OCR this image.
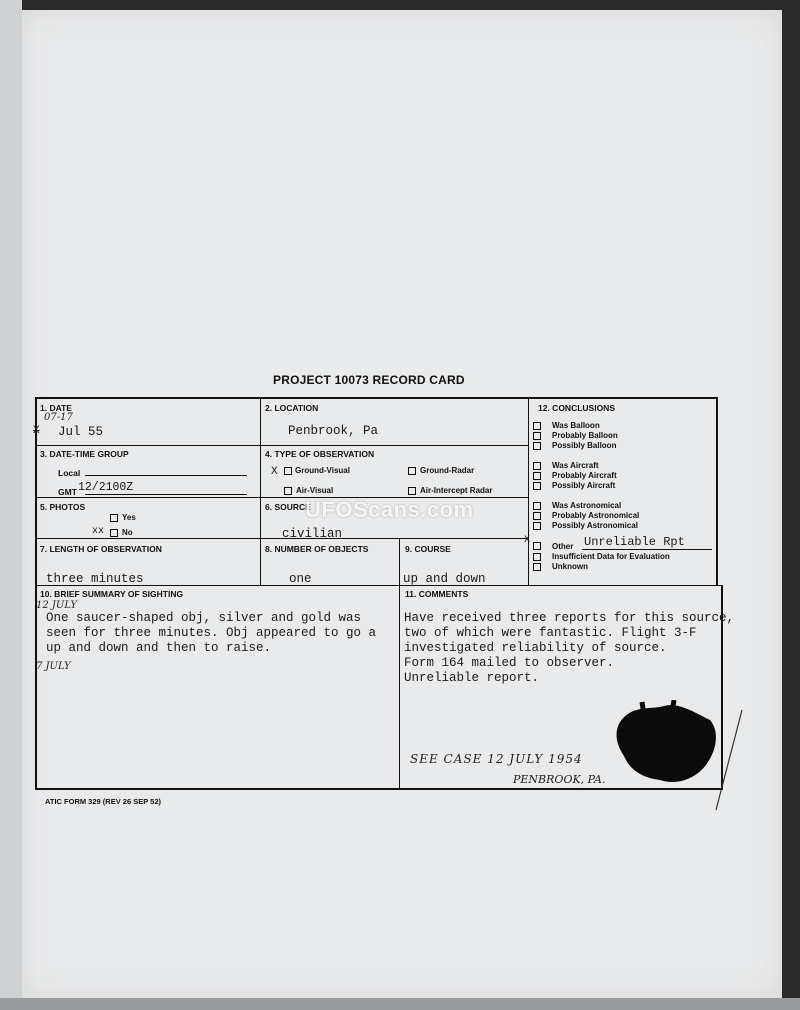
PROJECT 10073 RECORD CARD
1. DATE
07-17
X Jul 55
2. LOCATION
Penbrook, Pa
3. DATE-TIME GROUP
Local
GMT 12/2100Z
4. TYPE OF OBSERVATION
X Ground-Visual	Ground-Radar
Air-Visual	Air-Intercept Radar
5. PHOTOS
Yes
xx No
6. SOURCE
civilian
7. LENGTH OF OBSERVATION
three minutes
8. NUMBER OF OBJECTS
one
9. COURSE
up and down
12. CONCLUSIONS
Was Balloon
Probably Balloon
Possibly Balloon
Was Aircraft
Probably Aircraft
Possibly Aircraft
Was Astronomical
Probably Astronomical
Possibly Astronomical
X
Other Unreliable Rpt
Insufficient Data for Evaluation
Unknown
10. BRIEF SUMMARY OF SIGHTING
12 JULY
One saucer-shaped obj, silver and gold was
seen for three minutes. Obj appeared to go a
up and down and then to raise.
7 JULY
11. COMMENTS
Have received three reports for this source,
two of which were fantastic. Flight 3-F
investigated reliability of source.
Form 164 mailed to observer.
Unreliable report.
SEE CASE 12 JULY 1954
PENBROOK, PA.
ATIC FORM 329 (REV 26 SEP 52)
UFOScans.com
